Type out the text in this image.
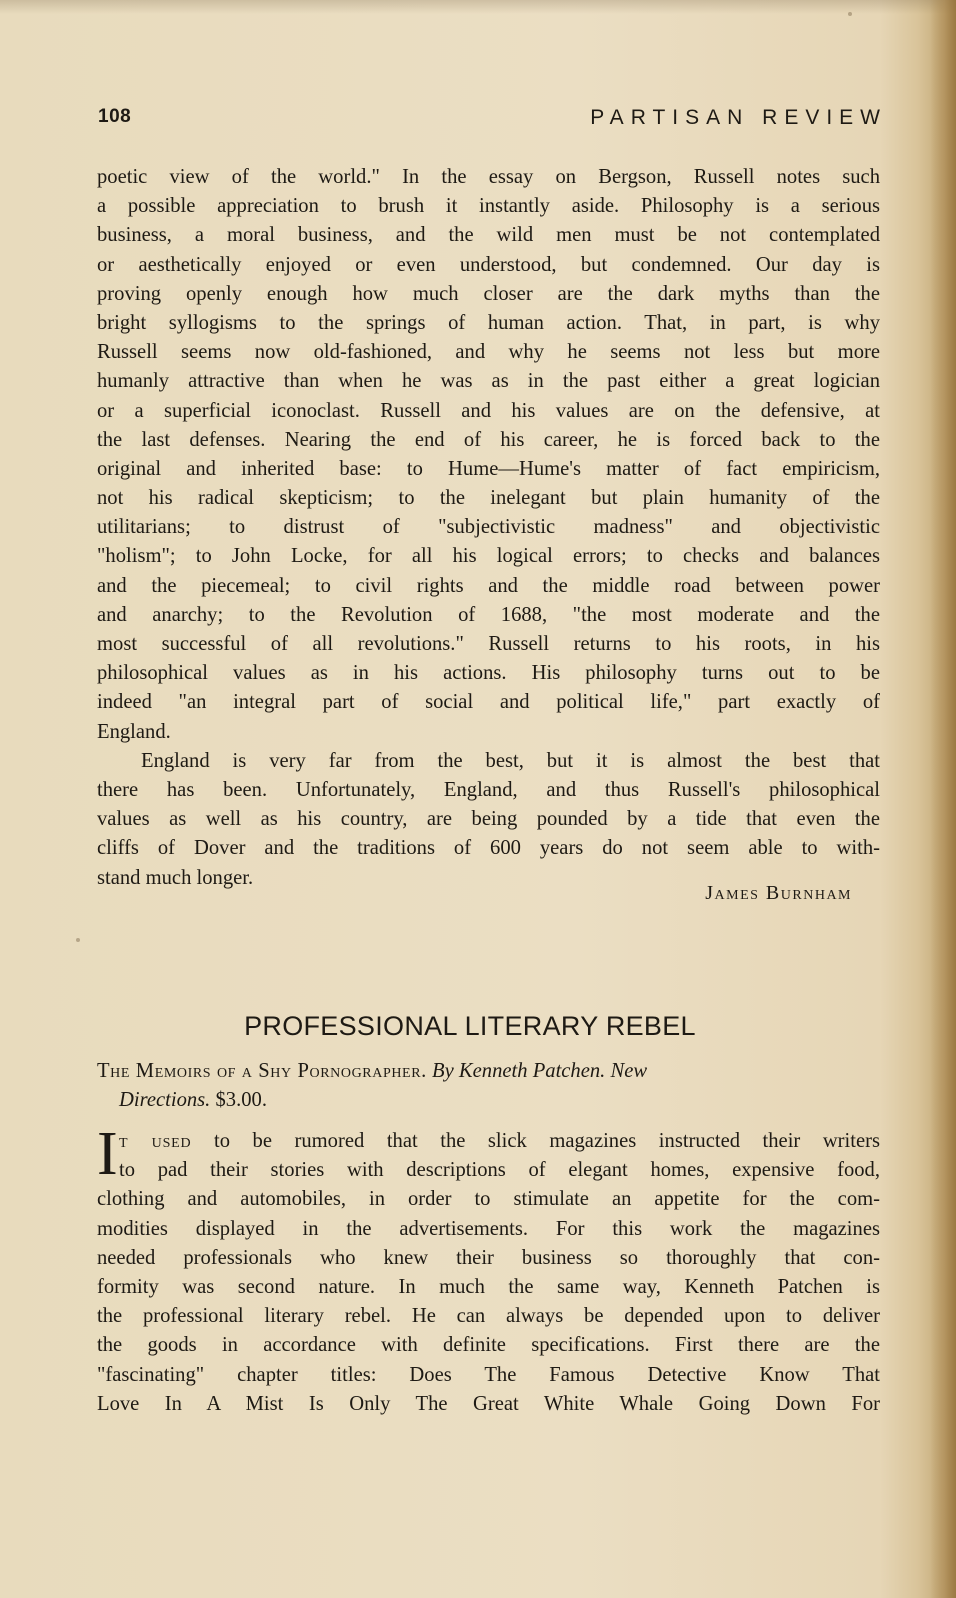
108	PARTISAN REVIEW
poetic view of the world." In the essay on Bergson, Russell notes such
a possible appreciation to brush it instantly aside. Philosophy is a serious
business, a moral business, and the wild men must be not contemplated
or aesthetically enjoyed or even understood, but condemned. Our day is
proving openly enough how much closer are the dark myths than the
bright syllogisms to the springs of human action. That, in part, is why
Russell seems now old-fashioned, and why he seems not less but more
humanly attractive than when he was as in the past either a great logician
or a superficial iconoclast. Russell and his values are on the defensive, at
the last defenses. Nearing the end of his career, he is forced back to the
original and inherited base: to Hume—Hume's matter of fact empiricism,
not his radical skepticism; to the inelegant but plain humanity of the
utilitarians; to distrust of "subjectivistic madness" and objectivistic
"holism"; to John Locke, for all his logical errors; to checks and balances
and the piecemeal; to civil rights and the middle road between power
and anarchy; to the Revolution of 1688, "the most moderate and the
most successful of all revolutions." Russell returns to his roots, in his
philosophical values as in his actions. His philosophy turns out to be
indeed "an integral part of social and political life," part exactly of
England.
England is very far from the best, but it is almost the best that
there has been. Unfortunately, England, and thus Russell's philosophical
values as well as his country, are being pounded by a tide that even the
cliffs of Dover and the traditions of 600 years do not seem able to with-
stand much longer.
James Burnham
PROFESSIONAL LITERARY REBEL
The Memoirs of a Shy Pornographer. By Kenneth Patchen. New
Directions. $3.00.
I t used to be rumored that the slick magazines instructed their writers
to pad their stories with descriptions of elegant homes, expensive food,
clothing and automobiles, in order to stimulate an appetite for the com-
modities displayed in the advertisements. For this work the magazines
needed professionals who knew their business so thoroughly that con-
formity was second nature. In much the same way, Kenneth Patchen is
the professional literary rebel. He can always be depended upon to deliver
the goods in accordance with definite specifications. First there are the
"fascinating" chapter titles: Does The Famous Detective Know That
Love In A Mist Is Only The Great White Whale Going Down For
